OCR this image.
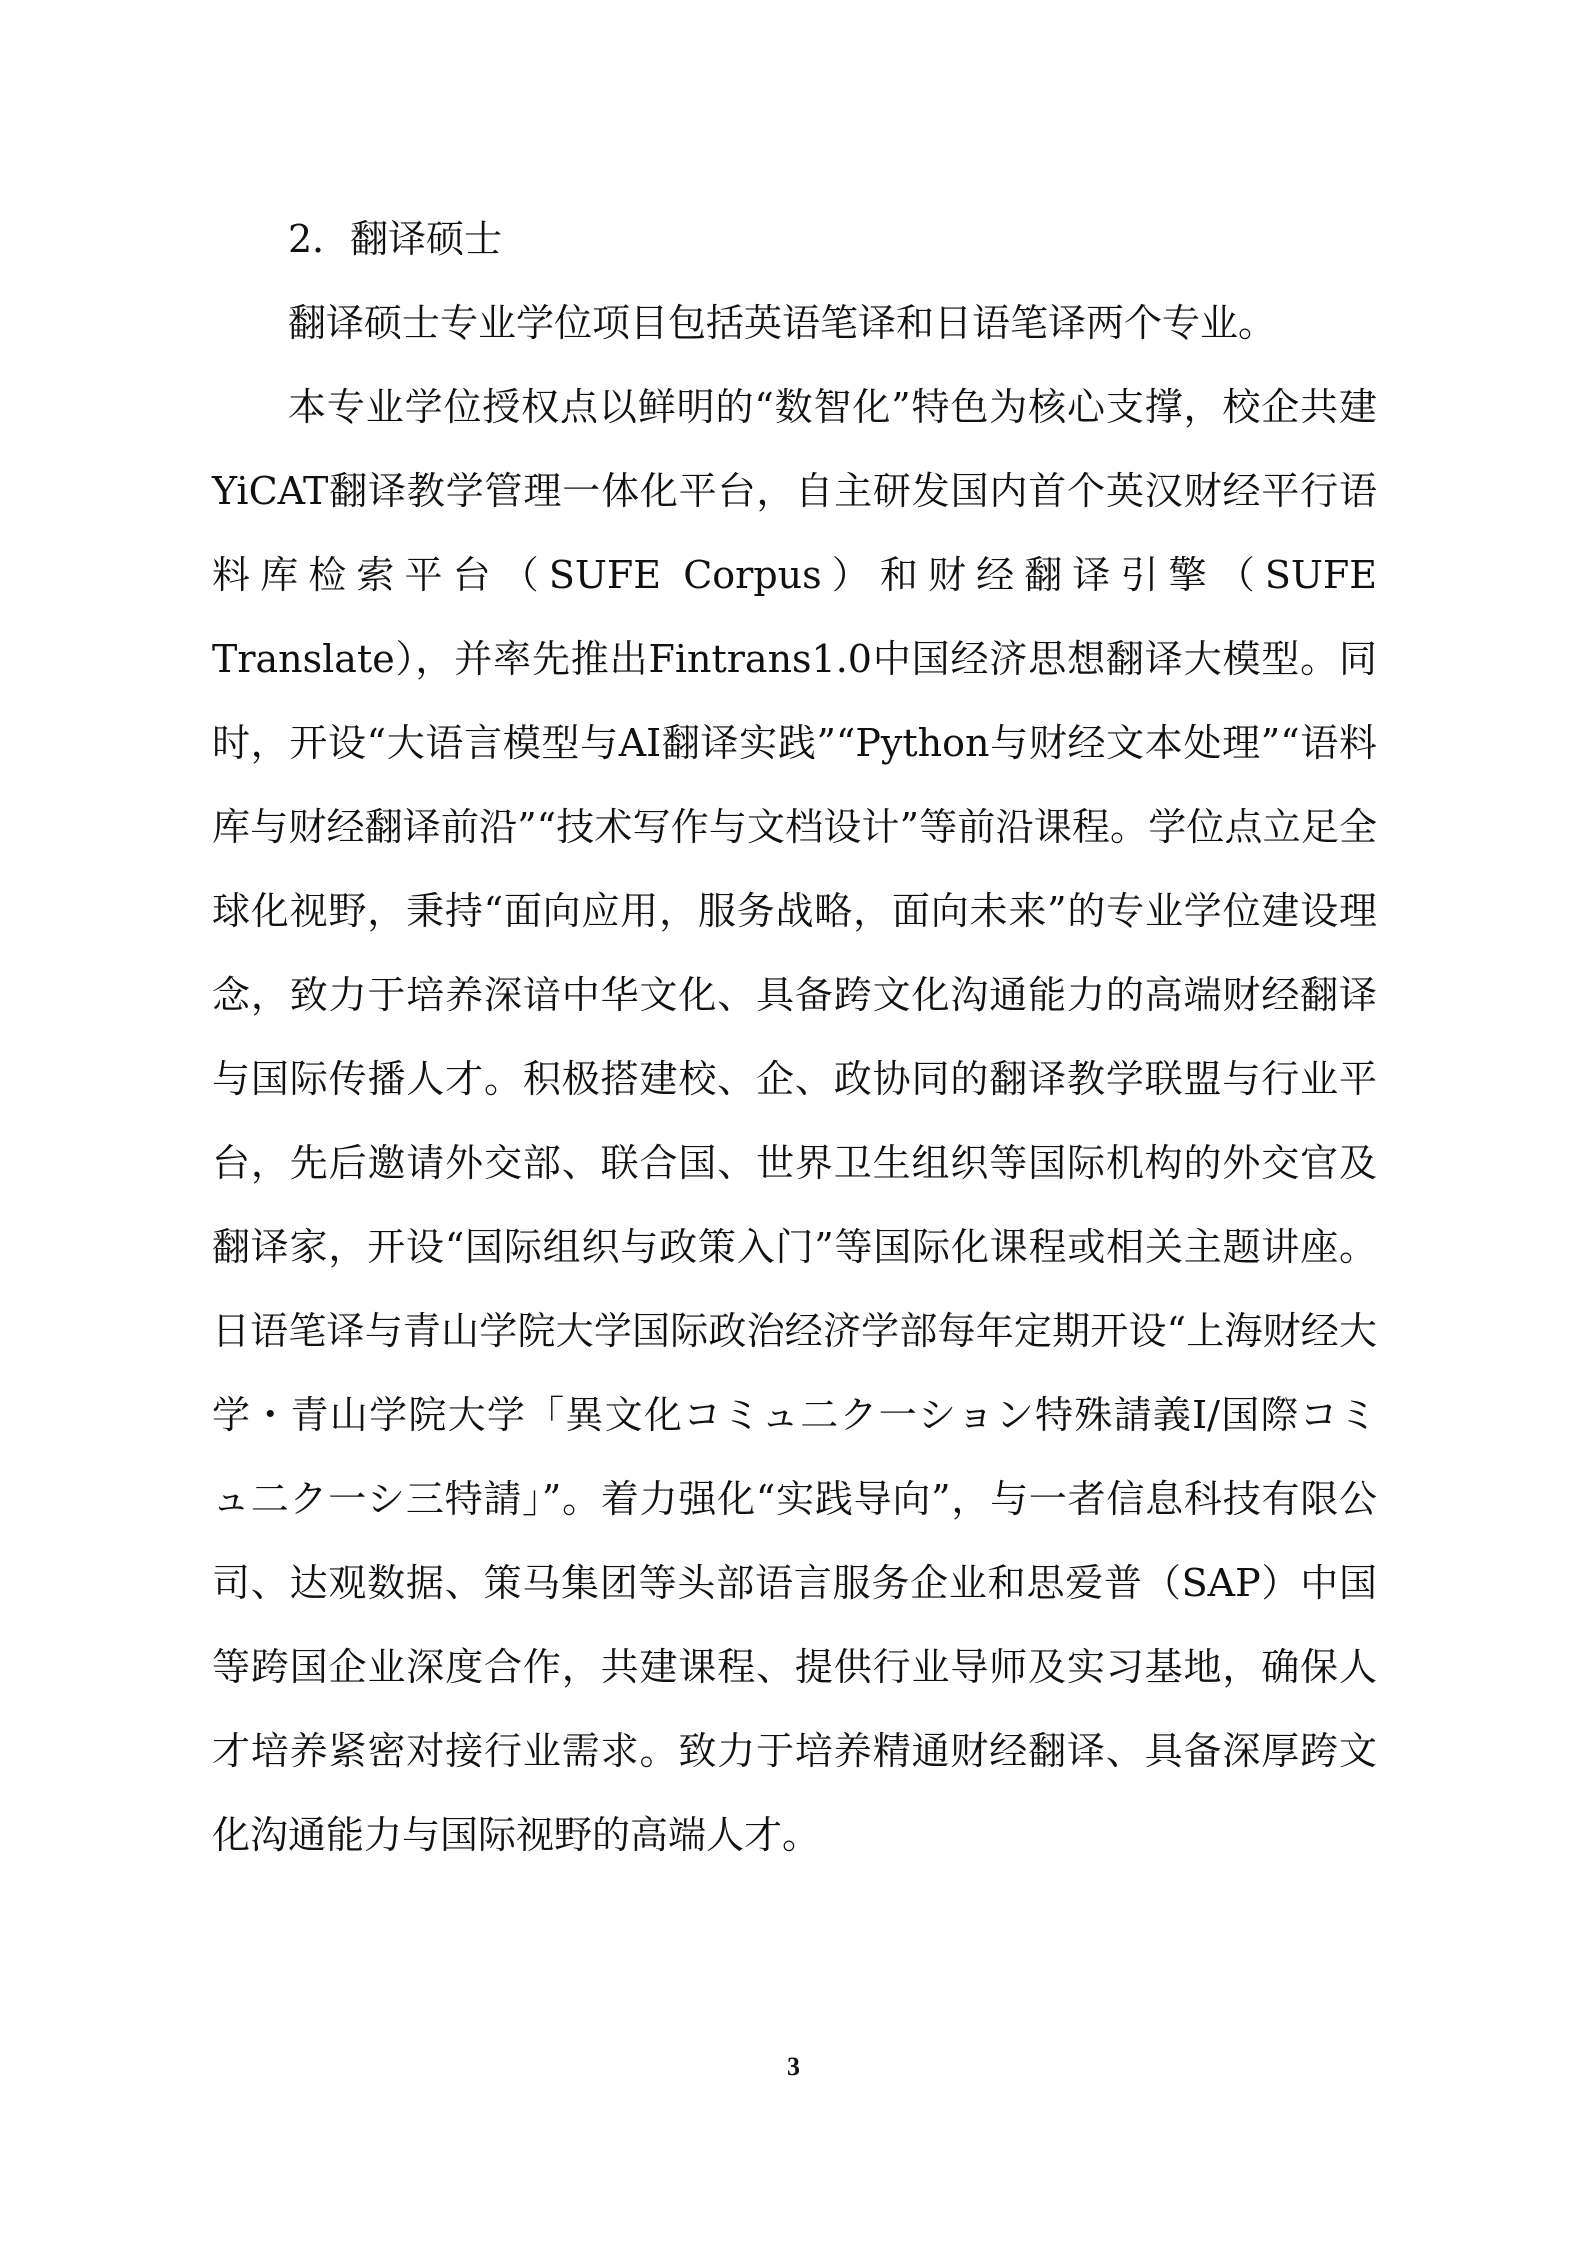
2．翻译硕士

翻译硕士专业学位项目包括英语笔译和日语笔译两个专业。

本专业学位授权点以鲜明的“数智化”特色为核心支撑，校企共建YiCAT翻译教学管理一体化平台，自主研发国内首个英汉财经平行语料库检索平台（SUFE Corpus）和财经翻译引擎（SUFE Translate），并率先推出Fintrans1.0中国经济思想翻译大模型。同时，开设“大语言模型与AI翻译实践”“Python与财经文本处理”“语料库与财经翻译前沿”“技术写作与文档设计”等前沿课程。学位点立足全球化视野，秉持“面向应用，服务战略，面向未来”的专业学位建设理念，致力于培养深谙中华文化、具备跨文化沟通能力的高端财经翻译与国际传播人才。积极搭建校、企、政协同的翻译教学联盟与行业平台，先后邀请外交部、联合国、世界卫生组织等国际机构的外交官及翻译家，开设“国际组织与政策入门”等国际化课程或相关主题讲座。日语笔译与青山学院大学国际政治经济学部每年定期开设“上海财经大学・青山学院大学「異文化コミュ二ク一ション特殊請義I/国際コミュ二ク一シ三特請」”。着力强化“实践导向”，与一者信息科技有限公司、达观数据、策马集团等头部语言服务企业和思爱普（SAP）中国等跨国企业深度合作，共建课程、提供行业导师及实习基地，确保人才培养紧密对接行业需求。致力于培养精通财经翻译、具备深厚跨文化沟通能力与国际视野的高端人才。

3
